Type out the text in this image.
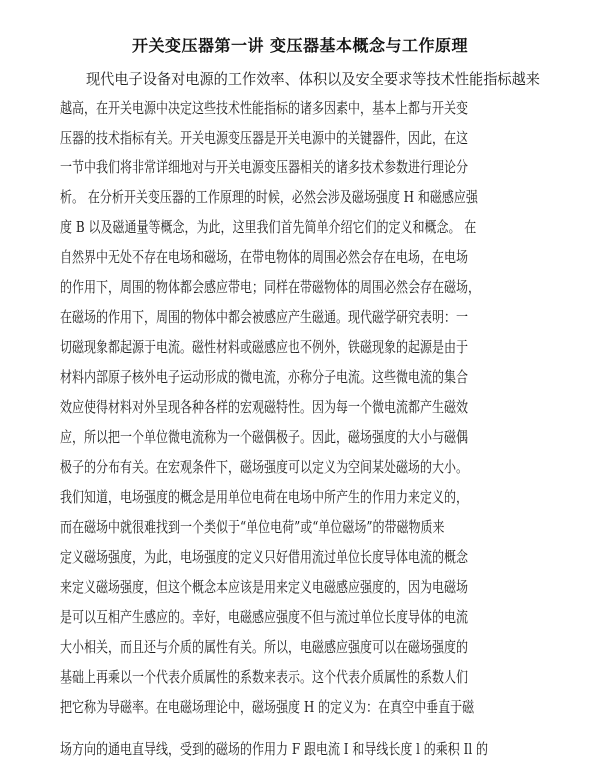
开关变压器第一讲 变压器基本概念与工作原理

现代电子设备对电源的工作效率、体积以及安全要求等技术性能指标越来

越高，在开关电源中决定这些技术性能指标的诸多因素中，基本上都与开关变

压器的技术指标有关。开关电源变压器是开关电源中的关键器件，因此，在这

一节中我们将非常详细地对与开关电源变压器相关的诸多技术参数进行理论分

析。 在分析开关变压器的工作原理的时候，必然会涉及磁场强度 H 和磁感应强

度 B 以及磁通量等概念，为此，这里我们首先简单介绍它们的定义和概念。 在

自然界中无处不存在电场和磁场，在带电物体的周围必然会存在电场，在电场

的作用下，周围的物体都会感应带电；同样在带磁物体的周围必然会存在磁场，

在磁场的作用下，周围的物体中都会被感应产生磁通。现代磁学研究表明：一

切磁现象都起源于电流。磁性材料或磁感应也不例外，铁磁现象的起源是由于

材料内部原子核外电子运动形成的微电流，亦称分子电流。这些微电流的集合

效应使得材料对外呈现各种各样的宏观磁特性。因为每一个微电流都产生磁效

应，所以把一个单位微电流称为一个磁偶极子。因此，磁场强度的大小与磁偶

极子的分布有关。在宏观条件下，磁场强度可以定义为空间某处磁场的大小。

我们知道，电场强度的概念是用单位电荷在电场中所产生的作用力来定义的，

而在磁场中就很难找到一个类似于“单位电荷”或“单位磁场”的带磁物质来

定义磁场强度，为此，电场强度的定义只好借用流过单位长度导体电流的概念

来定义磁场强度，但这个概念本应该是用来定义电磁感应强度的，因为电磁场

是可以互相产生感应的。幸好，电磁感应强度不但与流过单位长度导体的电流

大小相关，而且还与介质的属性有关。所以，电磁感应强度可以在磁场强度的

基础上再乘以一个代表介质属性的系数来表示。这个代表介质属性的系数人们

把它称为导磁率。在电磁场理论中，磁场强度 H 的定义为：在真空中垂直于磁

场方向的通电直导线，受到的磁场的作用力 F 跟电流 I 和导线长度 l 的乘积 Il 的
